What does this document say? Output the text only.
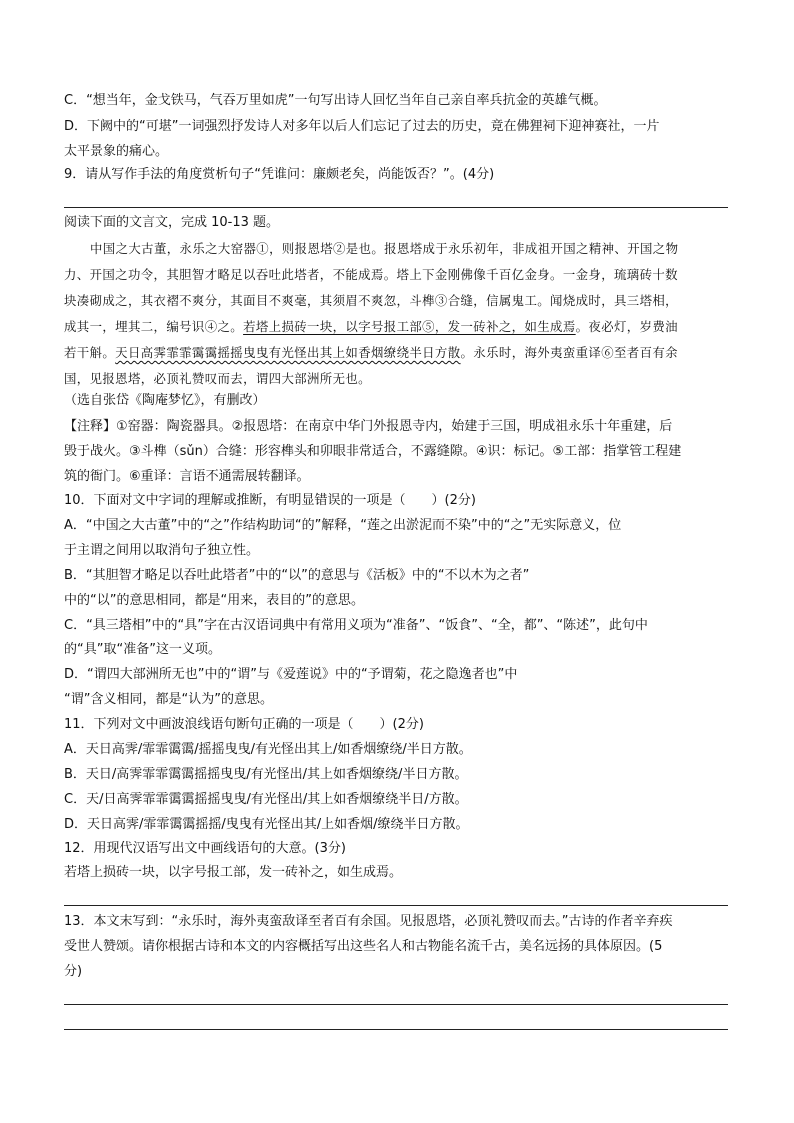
C．“想当年，金戈铁马，气吞万里如虎”一句写出诗人回忆当年自己亲自率兵抗金的英雄气概。
D．下阙中的“可堪”一词强烈抒发诗人对多年以后人们忘记了过去的历史，竟在佛狸祠下迎神赛社，一片
太平景象的痛心。
9．请从写作手法的角度赏析句子“凭谁问：廉颇老矣，尚能饭否？”。(4分)
阅读下面的文言文，完成 10-13 题。
中国之大古董，永乐之大窑器①，则报恩塔②是也。报恩塔成于永乐初年，非成祖开国之精神、开国之物
力、开国之功令，其胆智才略足以吞吐此塔者，不能成焉。塔上下金刚佛像千百亿金身。一金身，琉璃砖十数
块凑砌成之，其衣褶不爽分，其面目不爽毫，其须眉不爽忽，斗榫③合缝，信属鬼工。闻烧成时，具三塔相，
成其一，埋其二，编号识④之。若塔上损砖一块，以字号报工部⑤，发一砖补之，如生成焉。夜必灯，岁费油
若干斛。天日高霁霏霏霭霭摇摇曳曳有光怪出其上如香烟缭绕半日方散。永乐时，海外夷蛮重译⑥至者百有余
国，见报恩塔，必顶礼赞叹而去，谓四大部洲所无也。
（选自张岱《陶庵梦忆》，有删改）
【注释】①窑器：陶瓷器具。②报恩塔：在南京中华门外报恩寺内，始建于三国，明成祖永乐十年重建，后
毁于战火。③斗榫（sǔn）合缝：形容榫头和卯眼非常适合，不露缝隙。④识：标记。⑤工部：指掌管工程建
筑的衙门。⑥重译：言语不通需展转翻译。
10．下面对文中字词的理解或推断，有明显错误的一项是（　　）(2分)
A．“中国之大古董”中的“之”作结构助词“的”解释，“莲之出淤泥而不染”中的“之”无实际意义，位
于主谓之间用以取消句子独立性。
B．“其胆智才略足以吞吐此塔者”中的“以”的意思与《活板》中的“不以木为之者”
中的“以”的意思相同，都是“用来，表目的”的意思。
C．“具三塔相”中的“具”字在古汉语词典中有常用义项为“准备”、“饭食”、“全，都”、“陈述”，此句中
的“具”取“准备”这一义项。
D．“谓四大部洲所无也”中的“谓”与《爱莲说》中的“予谓菊，花之隐逸者也”中
“谓”含义相同，都是“认为”的意思。
11．下列对文中画波浪线语句断句正确的一项是（　　）(2分)
A．天日高霁/霏霏霭霭/摇摇曳曳/有光怪出其上/如香烟缭绕/半日方散。
B．天日/高霁霏霏霭霭摇摇曳曳/有光怪出/其上如香烟缭绕/半日方散。
C．天/日高霁霏霏霭霭摇摇曳曳/有光怪出/其上如香烟缭绕半日/方散。
D．天日高霁/霏霏霭霭摇摇/曳曳有光怪出其/上如香烟/缭绕半日方散。
12．用现代汉语写出文中画线语句的大意。(3分)
若塔上损砖一块，以字号报工部，发一砖补之，如生成焉。
13．本文末写到：“永乐时，海外夷蛮敌译至者百有余国。见报恩塔，必顶礼赞叹而去。”古诗的作者辛弃疾
受世人赞颂。请你根据古诗和本文的内容概括写出这些名人和古物能名流千古，美名远扬的具体原因。(5
分)
